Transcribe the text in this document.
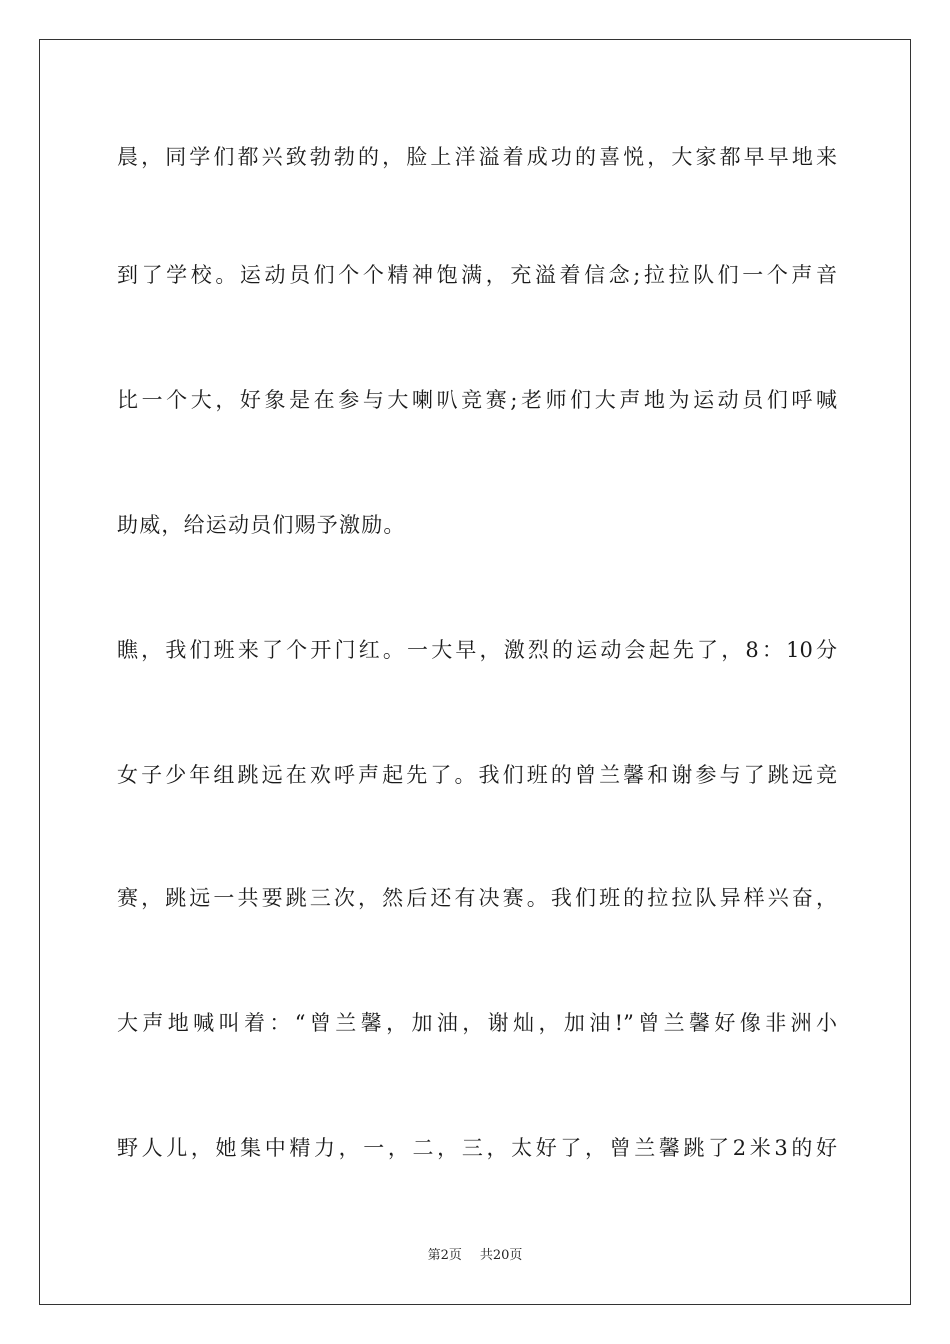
晨，同学们都兴致勃勃的，脸上洋溢着成功的喜悦，大家都早早地来
到了学校。运动员们个个精神饱满，充溢着信念;拉拉队们一个声音
比一个大，好象是在参与大喇叭竞赛;老师们大声地为运动员们呼喊
助威，给运动员们赐予激励。
瞧，我们班来了个开门红。一大早，激烈的运动会起先了，8：10分
女子少年组跳远在欢呼声起先了。我们班的曾兰馨和谢参与了跳远竞
赛，跳远一共要跳三次，然后还有决赛。我们班的拉拉队异样兴奋，
大声地喊叫着：“曾兰馨，加油，谢灿，加油!”曾兰馨好像非洲小
野人儿，她集中精力，一，二，三，太好了，曾兰馨跳了2米3的好
第2页 共20页
